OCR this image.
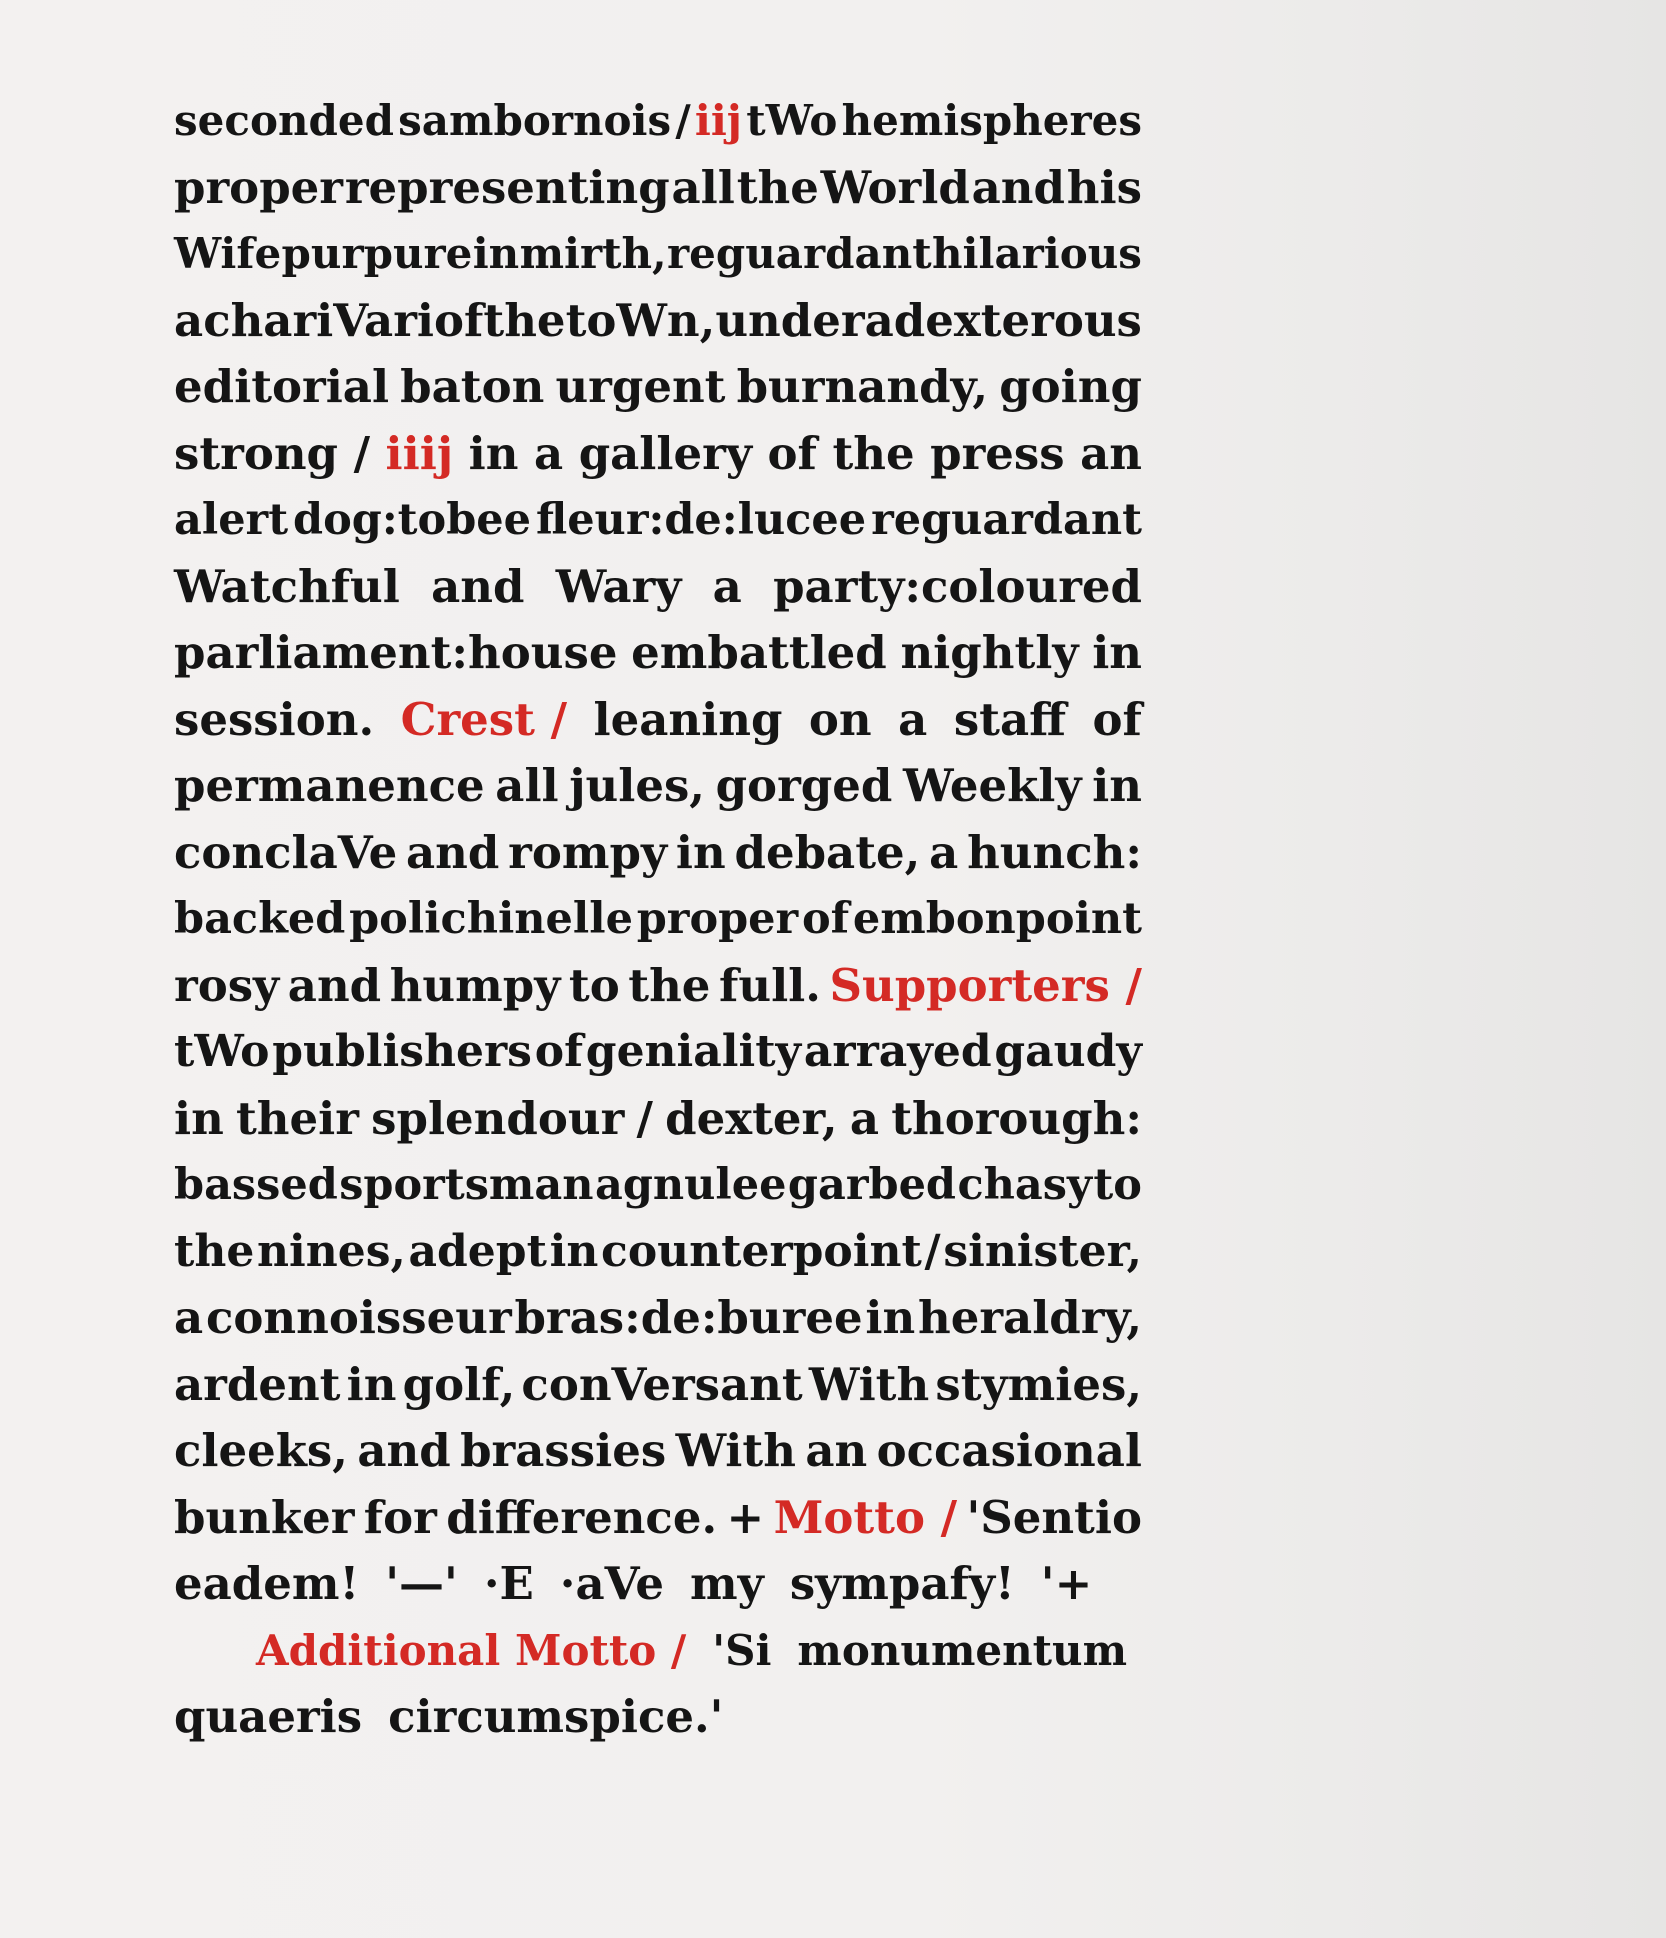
seconded sambornois / iij tWo hemispheres
proper representing all the World and his
Wife purpure in mirth, reguardant hilarious
a chariVari of the toWn, under a dexterous
editorial baton urgent burnandy, going
strong / iiij in a gallery of the press an
alert dog:tobee fleur:de:lucee reguardant
Watchful and Wary a party:coloured
parliament:house embattled nightly in
session. Crest / leaning on a staff of
permanence all jules, gorged Weekly in
conclaVe and rompy in debate, a hunch:
backed polichinelle proper of embonpoint
rosy and humpy to the full. Supporters /
tWo publishers of geniality arrayed gaudy
in their splendour / dexter, a thorough:
bassed sportsman agnulee garbed chasy to
the nines, adept in counterpoint / sinister,
a connoisseur bras:de:buree in heraldry,
ardent in golf, conVersant With stymies,
cleeks, and brassies With an occasional
bunker for difference. + Motto / 'Sentio
eadem! '—' ·E ·aVe my sympafy! '+
Additional Motto / 'Si monumentum
quaeris circumspice.'
